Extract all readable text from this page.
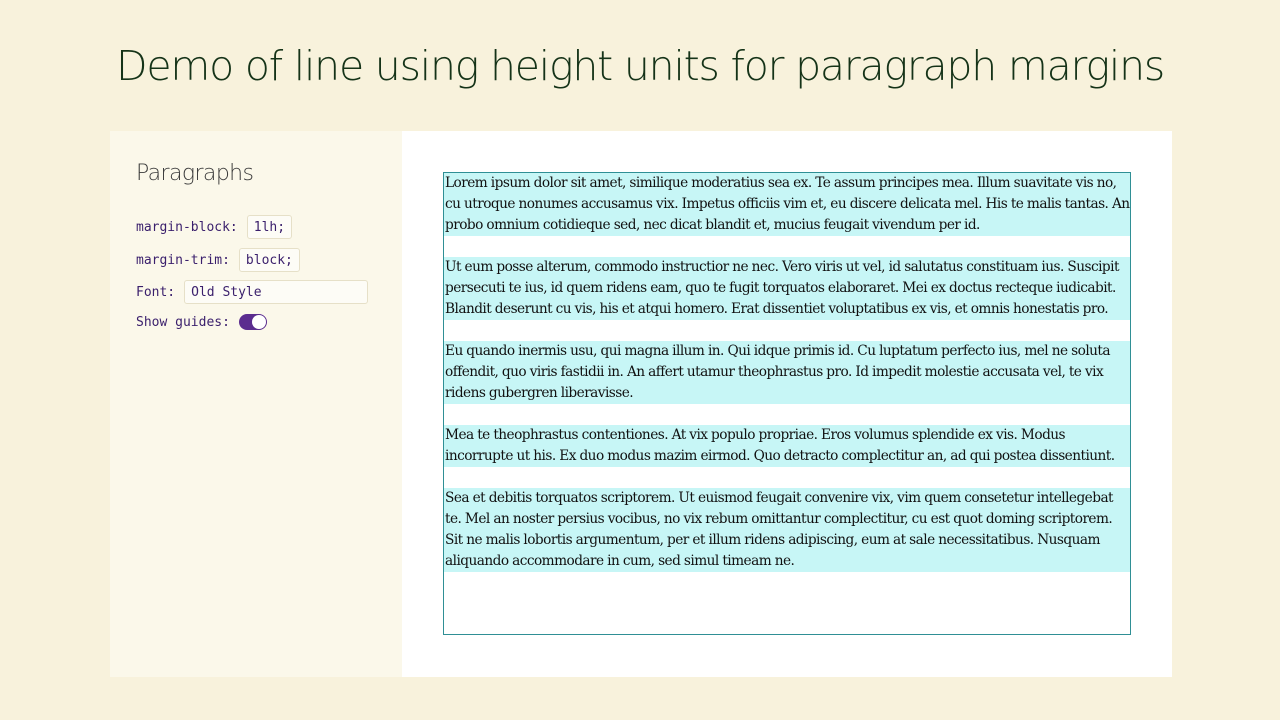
Demo of line using height units for paragraph margins
Paragraphs
margin-block:	1lh;
margin-trim:	block;
Font:	Old Style
Show guides:

Lorem ipsum dolor sit amet, similique moderatius sea ex. Te assum principes mea. Illum suavitate vis no, cu utroque nonumes accusamus vix. Impetus officiis vim et, eu discere delicata mel. His te malis tantas. An probo omnium cotidieque sed, nec dicat blandit et, mucius feugait vivendum per id.

Ut eum posse alterum, commodo instructior ne nec. Vero viris ut vel, id salutatus constituam ius. Suscipit persecuti te ius, id quem ridens eam, quo te fugit torquatos elaboraret. Mei ex doctus recteque iudicabit. Blandit deserunt cu vis, his et atqui homero. Erat dissentiet voluptatibus ex vis, et omnis honestatis pro.

Eu quando inermis usu, qui magna illum in. Qui idque primis id. Cu luptatum perfecto ius, mel ne soluta offendit, quo viris fastidii in. An affert utamur theophrastus pro. Id impedit molestie accusata vel, te vix ridens gubergren liberavisse.

Mea te theophrastus contentiones. At vix populo propriae. Eros volumus splendide ex vis. Modus incorrupte ut his. Ex duo modus mazim eirmod. Quo detracto complectitur an, ad qui postea dissentiunt.

Sea et debitis torquatos scriptorem. Ut euismod feugait convenire vix, vim quem consetetur intellegebat te. Mel an noster persius vocibus, no vix rebum omittantur complectitur, cu est quot doming scriptorem. Sit ne malis lobortis argumentum, per et illum ridens adipiscing, eum at sale necessitatibus. Nusquam aliquando accommodare in cum, sed simul timeam ne.
